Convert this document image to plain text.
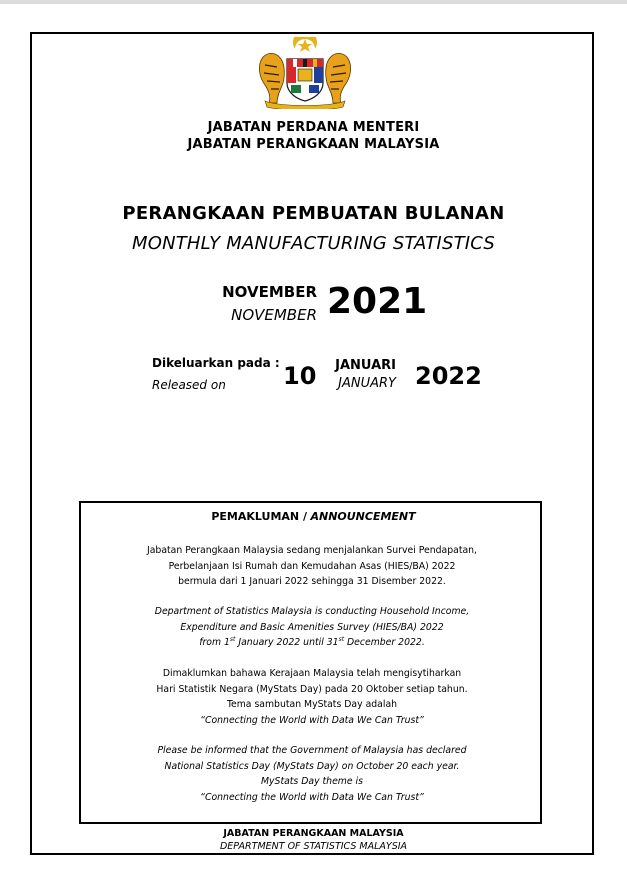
JABATAN PERDANA MENTERI
JABATAN PERANGKAAN MALAYSIA
PERANGKAAN PEMBUATAN BULANAN
MONTHLY MANUFACTURING STATISTICS
NOVEMBER
NOVEMBER 2021
Dikeluarkan pada :
Released on 10	JANUARI
JANUARY 2022
PEMAKLUMAN / ANNOUNCEMENT
Jabatan Perangkaan Malaysia sedang menjalankan Survei Pendapatan,
Perbelanjaan Isi Rumah dan Kemudahan Asas (HIES/BA) 2022
bermula dari 1 Januari 2022 sehingga 31 Disember 2022.
Department of Statistics Malaysia is conducting Household Income,
Expenditure and Basic Amenities Survey (HIES/BA) 2022
from 1st January 2022 until 31st December 2022.
Dimaklumkan bahawa Kerajaan Malaysia telah mengisytiharkan
Hari Statistik Negara (MyStats Day) pada 20 Oktober setiap tahun.
Tema sambutan MyStats Day adalah
“Connecting the World with Data We Can Trust”
Please be informed that the Government of Malaysia has declared
National Statistics Day (MyStats Day) on October 20 each year.
MyStats Day theme is
“Connecting the World with Data We Can Trust”
JABATAN PERANGKAAN MALAYSIA
DEPARTMENT OF STATISTICS MALAYSIA
